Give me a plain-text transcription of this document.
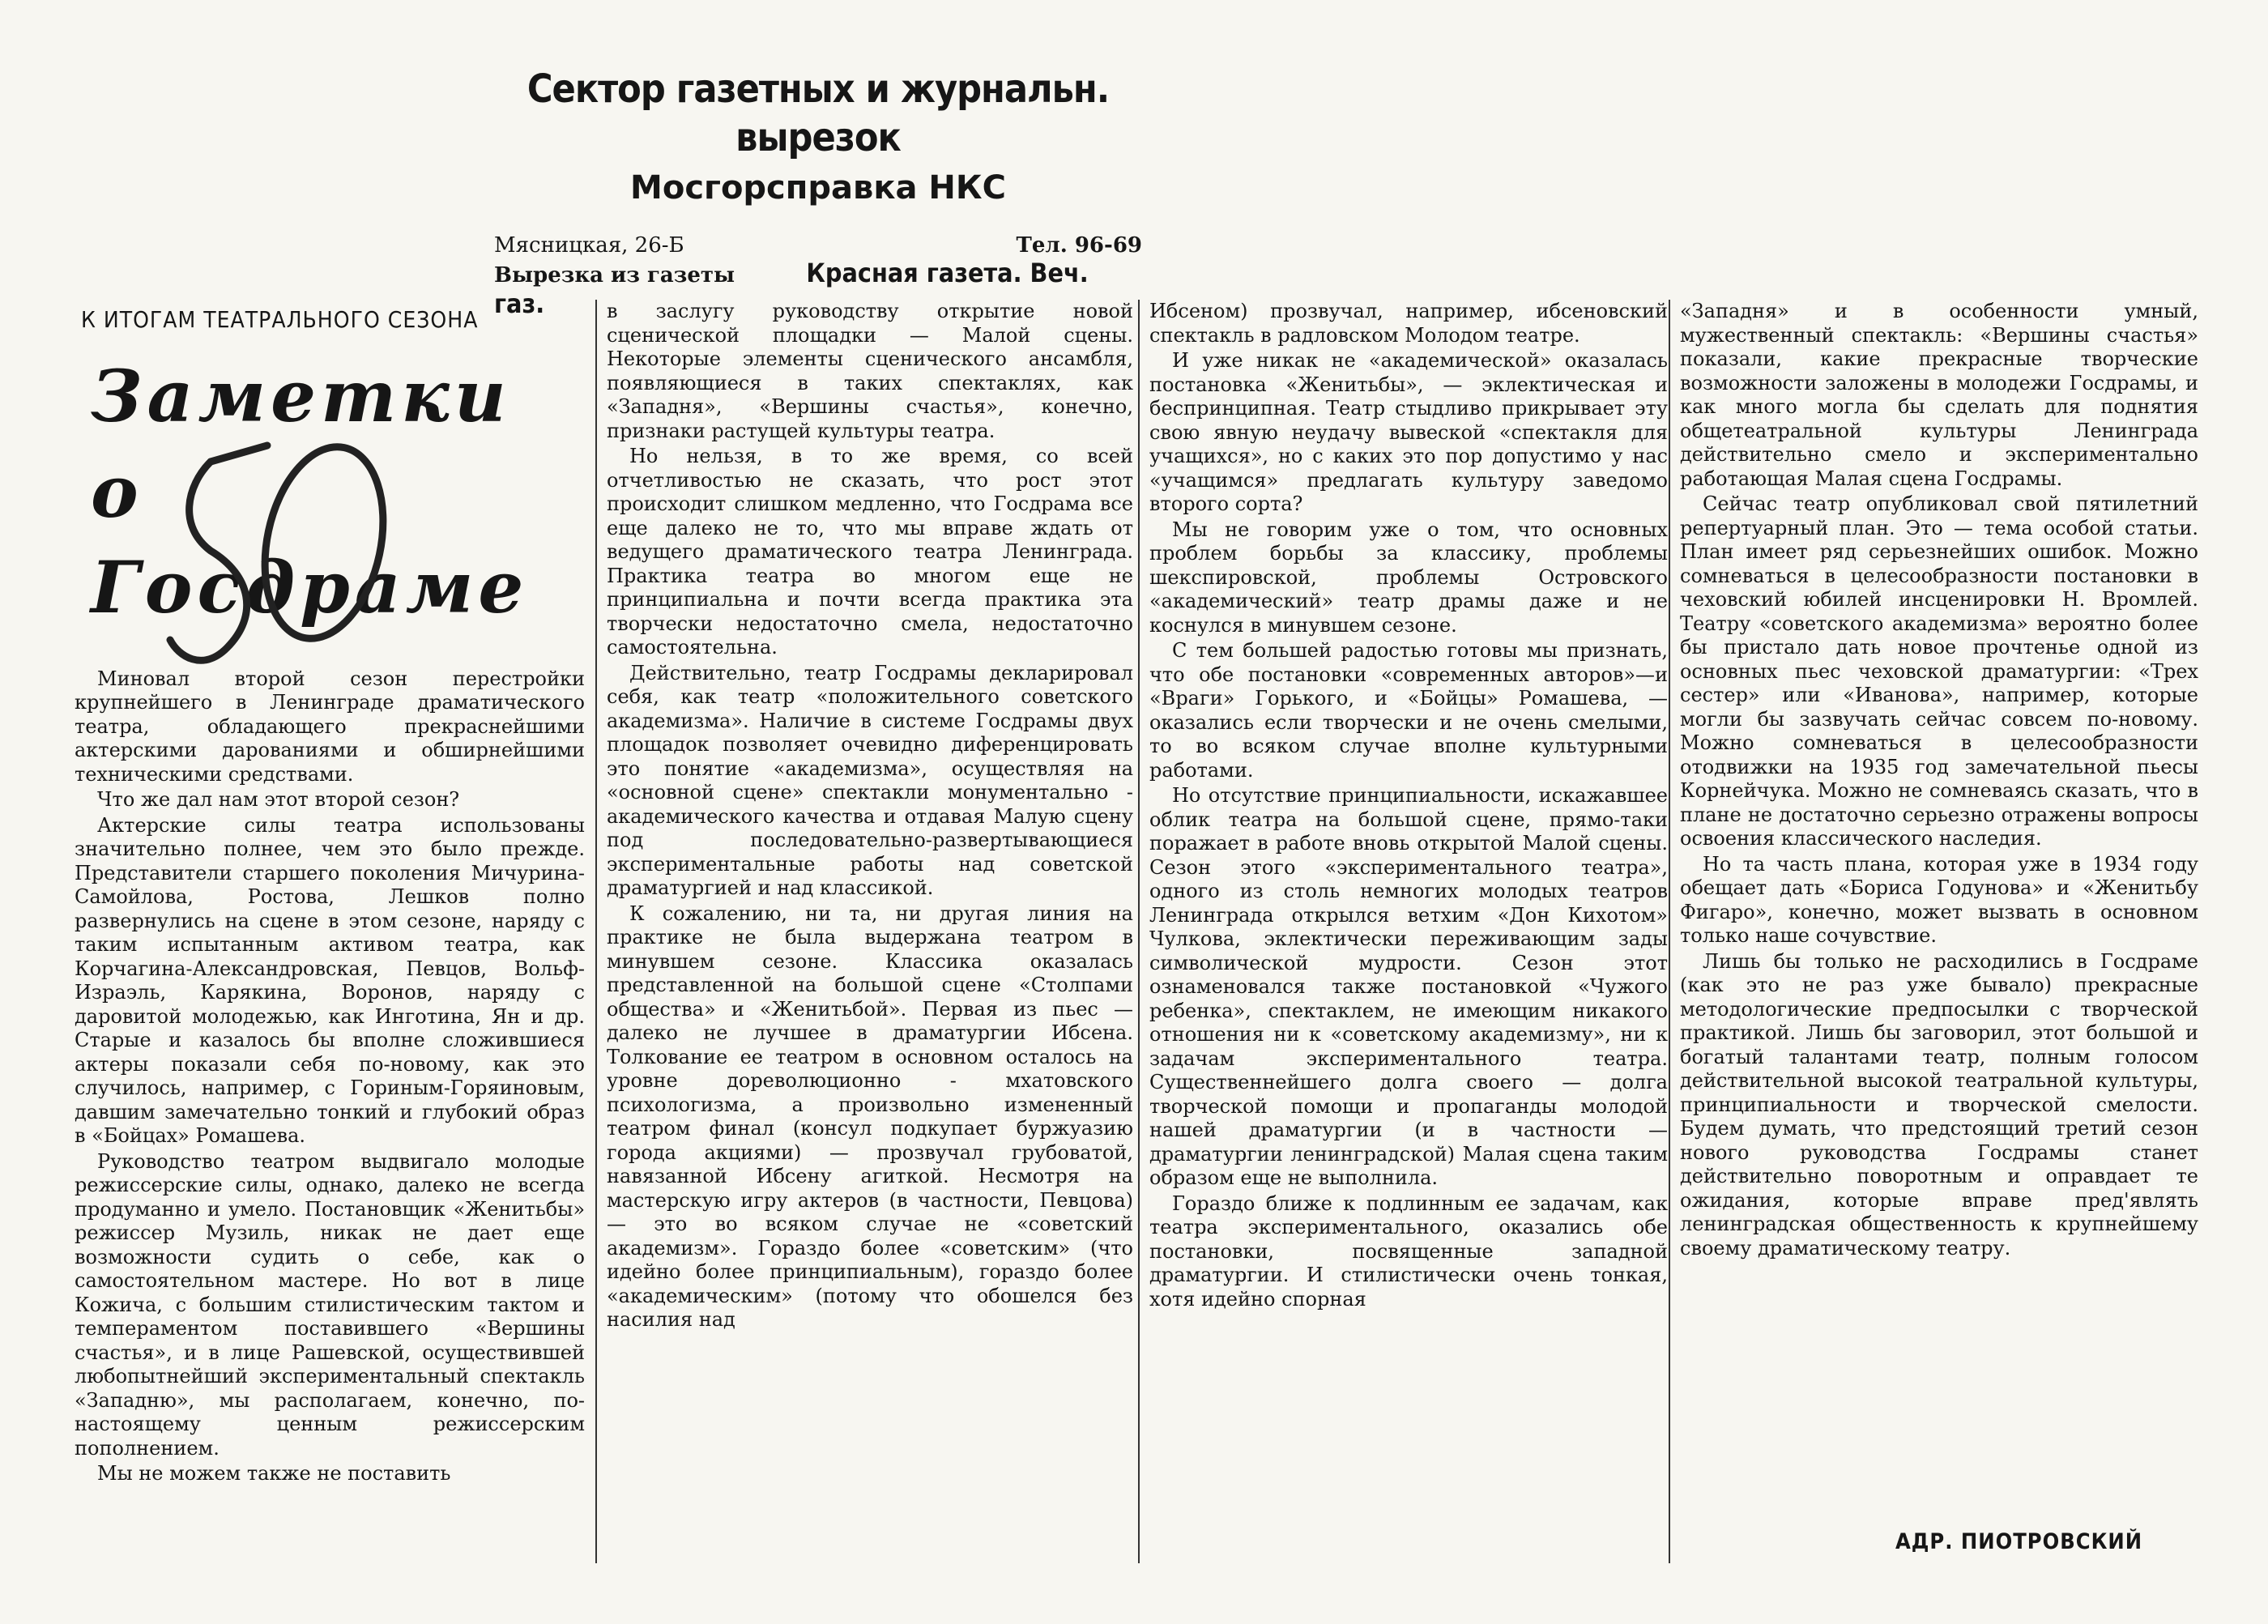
Сектор газетных и журнальн. вырезок
Мосгорсправка НКС
Мясницкая, 26-Б	Тел. 96-69
Вырезка из газеты	Красная газета. Веч. газ.
К ИТОГАМ ТЕАТРАЛЬНОГО СЕЗОНА
Заметки
о Госдраме

Миновал второй сезон перестройки крупнейшего в Ленинграде драматического театра, обладающего прекраснейшими актерскими дарованиями и обширнейшими техническими средствами.

Что же дал нам этот второй сезон?

Актерские силы театра использованы значительно полнее, чем это было прежде. Представители старшего поколения Мичурина-Самойлова, Ростова, Лешков полно развернулись на сцене в этом сезоне, наряду с таким испытанным активом театра, как Корчагина-Александровская, Певцов, Вольф-Израэль, Карякина, Воронов, наряду с даровитой молодежью, как Инготина, Ян и др. Старые и казалось бы вполне сложившиеся актеры показали себя по-новому, как это случилось, например, с Гориным-Горяиновым, давшим замечательно тонкий и глубокий образ в «Бойцах» Ромашева.

Руководство театром выдвигало молодые режиссерские силы, однако, далеко не всегда продуманно и умело. Постановщик «Женитьбы» режиссер Музиль, никак не дает еще возможности судить о себе, как о самостоятельном мастере. Но вот в лице Кожича, с большим стилистическим тактом и темпераментом поставившего «Вершины счастья», и в лице Рашевской, осуществившей любопытнейший экспериментальный спектакль «Западню», мы располагаем, конечно, по-настоящему ценным режиссерским пополнением.

Мы не можем также не поставить

в заслугу руководству открытие новой сценической площадки — Малой сцены. Некоторые элементы сценического ансамбля, появляющиеся в таких спектаклях, как «Западня», «Вершины счастья», конечно, признаки растущей культуры театра.

Но нельзя, в то же время, со всей отчетливостью не сказать, что рост этот происходит слишком медленно, что Госдрама все еще далеко не то, что мы вправе ждать от ведущего драматического театра Ленинграда. Практика театра во многом еще не принципиальна и почти всегда практика эта творчески недостаточно смела, недостаточно самостоятельна.

Действительно, театр Госдрамы декларировал себя, как театр «положительного советского академизма». Наличие в системе Госдрамы двух площадок позволяет очевидно диференцировать это понятие «академизма», осуществляя на «основной сцене» спектакли монументально - академического качества и отдавая Малую сцену под последовательно-развертывающиеся экспериментальные работы над советской драматургией и над классикой.

К сожалению, ни та, ни другая линия на практике не была выдержана театром в минувшем сезоне. Классика оказалась представленной на большой сцене «Столпами общества» и «Женитьбой». Первая из пьес — далеко не лучшее в драматургии Ибсена. Толкование ее театром в основном осталось на уровне дореволюционно - мхатовского психологизма, а произвольно измененный театром финал (консул подкупает буржуазию города акциями) — прозвучал грубоватой, навязанной Ибсену агиткой. Несмотря на мастерскую игру актеров (в частности, Певцова) — это во всяком случае не «советский академизм». Гораздо более «советским» (что идейно более принципиальным), гораздо более «академическим» (потому что обошелся без насилия над

Ибсеном) прозвучал, например, ибсеновский спектакль в радловском Молодом театре.

И уже никак не «академической» оказалась постановка «Женитьбы», — эклектическая и беспринципная. Театр стыдливо прикрывает эту свою явную неудачу вывеской «спектакля для учащихся», но с каких это пор допустимо у нас «учащимся» предлагать культуру заведомо второго сорта?

Мы не говорим уже о том, что основных проблем борьбы за классику, проблемы шекспировской, проблемы Островского «академический» театр драмы даже и не коснулся в минувшем сезоне.

С тем большей радостью готовы мы признать, что обе постановки «современных авторов»—и «Враги» Горького, и «Бойцы» Ромашева, — оказались если творчески и не очень смелыми, то во всяком случае вполне культурными работами.

Но отсутствие принципиальности, искажавшее облик театра на большой сцене, прямо-таки поражает в работе вновь открытой Малой сцены. Сезон этого «экспериментального театра», одного из столь немногих молодых театров Ленинграда открылся ветхим «Дон Кихотом» Чулкова, эклектически переживающим зады символической мудрости. Сезон этот ознаменовался также постановкой «Чужого ребенка», спектаклем, не имеющим никакого отношения ни к «советскому академизму», ни к задачам экспериментального театра. Существеннейшего долга своего — долга творческой помощи и пропаганды молодой нашей драматургии (и в частности — драматургии ленинградской) Малая сцена таким образом еще не выполнила.

Гораздо ближе к подлинным ее задачам, как театра экспериментального, оказались обе постановки, посвященные западной драматургии. И стилистически очень тонкая, хотя идейно спорная

«Западня» и в особенности умный, мужественный спектакль: «Вершины счастья» показали, какие прекрасные творческие возможности заложены в молодежи Госдрамы, и как много могла бы сделать для поднятия общетеатральной культуры Ленинграда действительно смело и экспериментально работающая Малая сцена Госдрамы.

Сейчас театр опубликовал свой пятилетний репертуарный план. Это — тема особой статьи. План имеет ряд серьезнейших ошибок. Можно сомневаться в целесообразности постановки в чеховский юбилей инсценировки Н. Вромлей. Театру «советского академизма» вероятно более бы пристало дать новое прочтенье одной из основных пьес чеховской драматургии: «Трех сестер» или «Иванова», например, которые могли бы зазвучать сейчас совсем по-новому. Можно сомневаться в целесообразности отодвижки на 1935 год замечательной пьесы Корнейчука. Можно не сомневаясь сказать, что в плане не достаточно серьезно отражены вопросы освоения классического наследия.

Но та часть плана, которая уже в 1934 году обещает дать «Бориса Годунова» и «Женитьбу Фигаро», конечно, может вызвать в основном только наше сочувствие.

Лишь бы только не расходились в Госдраме (как это не раз уже бывало) прекрасные методологические предпосылки с творческой практикой. Лишь бы заговорил, этот большой и богатый талантами театр, полным голосом действительной высокой театральной культуры, принципиальности и творческой смелости. Будем думать, что предстоящий третий сезон нового руководства Госдрамы станет действительно поворотным и оправдает те ожидания, которые вправе пред'являть ленинградская общественность к крупнейшему своему драматическому театру.

АДР. ПИОТРОВСКИЙ
